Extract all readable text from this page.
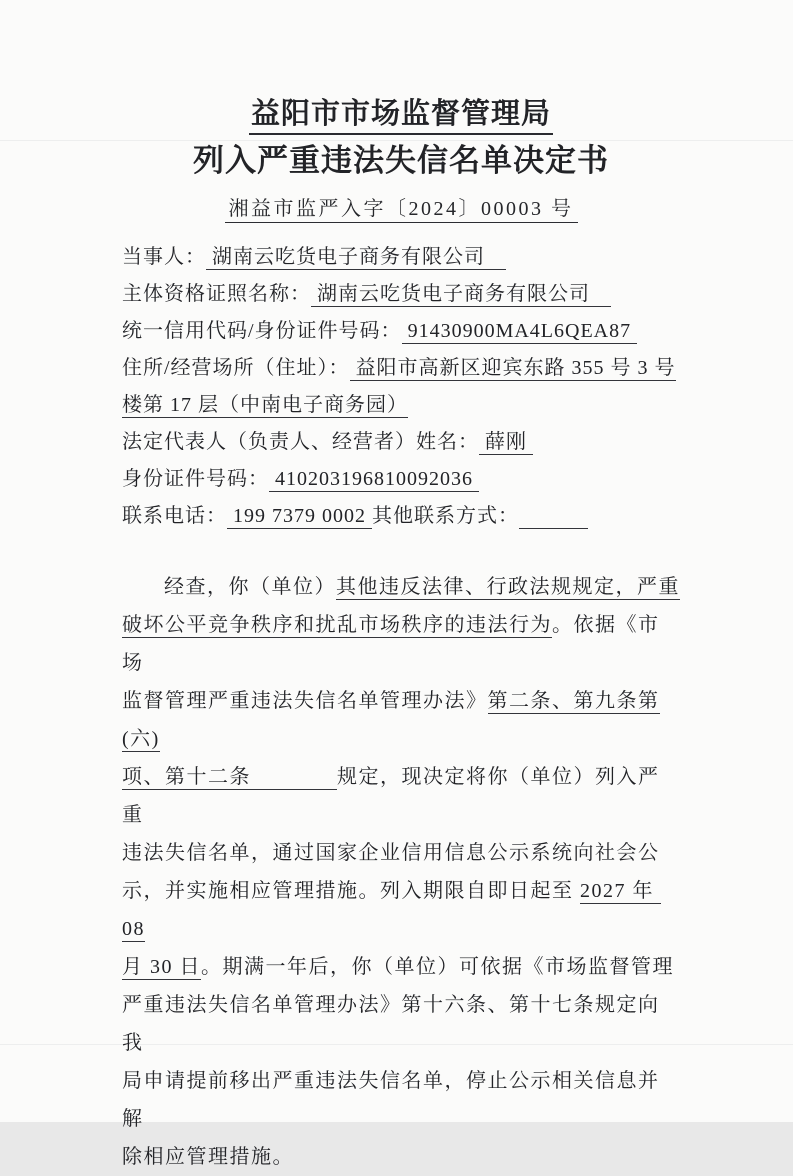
益阳市市场监督管理局
列入严重违法失信名单决定书
湘益市监严入字〔2024〕00003 号
当事人： 湖南云吃货电子商务有限公司　
主体资格证照名称： 湖南云吃货电子商务有限公司　
统一信用代码/身份证件号码： 91430900MA4L6QEA87
住所/经营场所（住址）： 益阳市高新区迎宾东路 355 号 3 号
楼第 17 层（中南电子商务园）
法定代表人（负责人、经营者）姓名： 薛刚
身份证件号码： 410203196810092036
联系电话： 199 7379 0002 其他联系方式： 　　　
经查，你（单位）其他违反法律、行政法规规定，严重
破坏公平竞争秩序和扰乱市场秩序的违法行为。依据《市场
监督管理严重违法失信名单管理办法》第二条、第九条第(六)
项、第十二条　　　　规定，现决定将你（单位）列入严重
违法失信名单，通过国家企业信用信息公示系统向社会公
示，并实施相应管理措施。列入期限自即日起至 2027 年 08
月 30 日。期满一年后，你（单位）可依据《市场监督管理
严重违法失信名单管理办法》第十六条、第十七条规定向我
局申请提前移出严重违法失信名单，停止公示相关信息并解
除相应管理措施。
